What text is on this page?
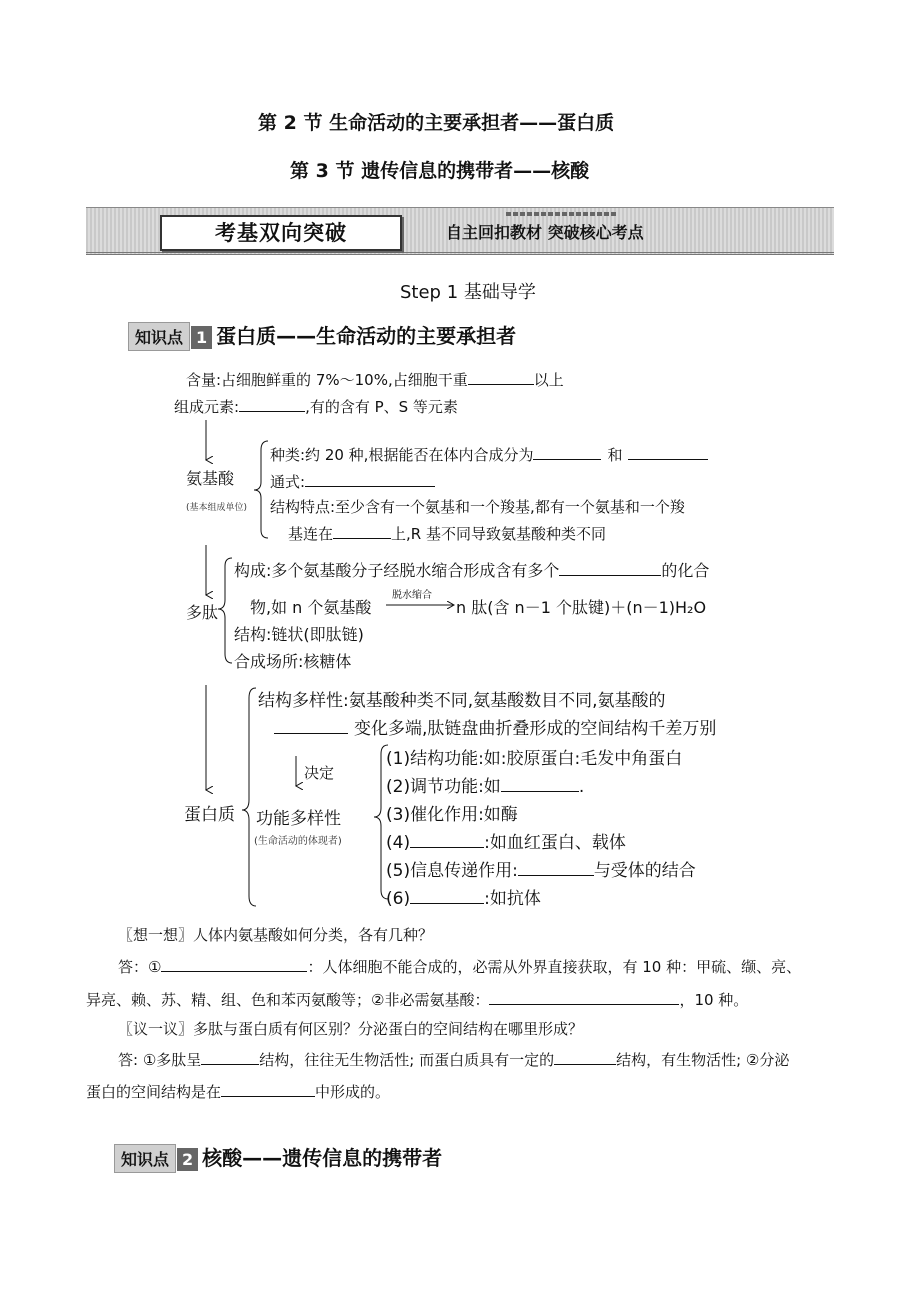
第 2 节 生命活动的主要承担者——蛋白质
第 3 节 遗传信息的携带者——核酸
考基双向突破	自主回扣教材 突破核心考点
Step 1 基础导学
知识点 1 蛋白质——生命活动的主要承担者
含量:占细胞鲜重的 7%～10%,占细胞干重	以上
组成元素:	,有的含有 P、S 等元素
氨基酸
(基本组成单位)
种类:约 20 种,根据能否在体内合成分为	和
通式:
结构特点:至少含有一个氨基和一个羧基,都有一个氨基和一个羧
基连在	上,R 基不同导致氨基酸种类不同
多肽
构成:多个氨基酸分子经脱水缩合形成含有多个	的化合
物,如 n 个氨基酸
脱水缩合
n 肽(含 n－1 个肽键)＋(n－1)H₂O
结构:链状(即肽链)
合成场所:核糖体
蛋白质
结构多样性:氨基酸种类不同,氨基酸数目不同,氨基酸的
变化多端,肽链盘曲折叠形成的空间结构千差万别
决定
功能多样性
(生命活动的体现者)
(1)结构功能:如:胶原蛋白:毛发中角蛋白
(2)调节功能:如	.
(3)催化作用:如酶
(4)	:如血红蛋白、载体
(5)信息传递作用:	与受体的结合
(6)	:如抗体
〖想一想〗人体内氨基酸如何分类，各有几种？
答：①	：人体细胞不能合成的，必需从外界直接获取，有 10 种：甲硫、缬、亮、
异亮、赖、苏、精、组、色和苯丙氨酸等；②非必需氨基酸：	，10 种。
〖议一议〗多肽与蛋白质有何区别？分泌蛋白的空间结构在哪里形成？
答: ①多肽呈	结构，往往无生物活性; 而蛋白质具有一定的	结构，有生物活性; ②分泌
蛋白的空间结构是在	中形成的。
知识点 2 核酸——遗传信息的携带者
